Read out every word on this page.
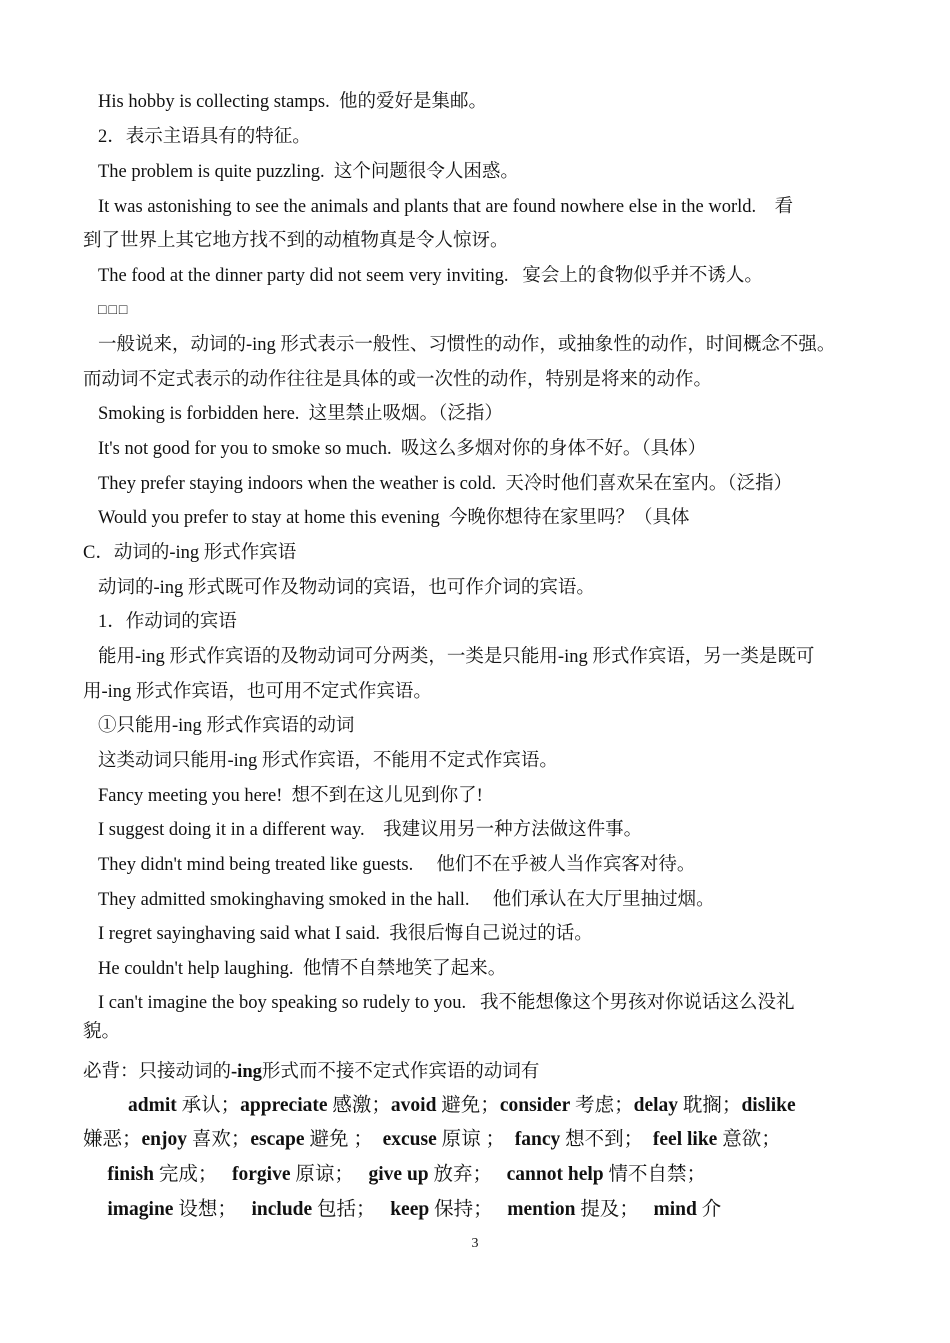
His hobby is collecting stamps.  他的爱好是集邮。
2．表示主语具有的特征。
The problem is quite puzzling.  这个问题很令人困惑。
It was astonishing to see the animals and plants that are found nowhere else in the world.    看
到了世界上其它地方找不到的动植物真是令人惊讶。
The food at the dinner party did not seem very inviting.   宴会上的食物似乎并不诱人。
□□□
一般说来，动词的-ing 形式表示一般性、习惯性的动作，或抽象性的动作，时间概念不强。
而动词不定式表示的动作往往是具体的或一次性的动作，特别是将来的动作。
Smoking is forbidden here.  这里禁止吸烟。（泛指）
It's not good for you to smoke so much.  吸这么多烟对你的身体不好。（具体）
They prefer staying indoors when the weather is cold.  天冷时他们喜欢呆在室内。（泛指）
Would you prefer to stay at home this evening  今晚你想待在家里吗？（具体
C．动词的-ing 形式作宾语
动词的-ing 形式既可作及物动词的宾语，也可作介词的宾语。
1．作动词的宾语
能用-ing 形式作宾语的及物动词可分两类，一类是只能用-ing 形式作宾语，另一类是既可
用-ing 形式作宾语，也可用不定式作宾语。
①只能用-ing 形式作宾语的动词
这类动词只能用-ing 形式作宾语，不能用不定式作宾语。
Fancy meeting you here!  想不到在这儿见到你了!
I suggest doing it in a different way.    我建议用另一种方法做这件事。
They didn't mind being treated like guests.     他们不在乎被人当作宾客对待。
They admitted smokinghaving smoked in the hall.     他们承认在大厅里抽过烟。
I regret sayinghaving said what I said.  我很后悔自己说过的话。
He couldn't help laughing.  他情不自禁地笑了起来。
I can't imagine the boy speaking so rudely to you.   我不能想像这个男孩对你说话这么没礼
貌。
必背：只接动词的-ing形式而不接不定式作宾语的动词有
admit 承认；appreciate 感激；avoid 避免；consider 考虑；delay 耽搁；dislike
嫌恶；enjoy 喜欢；escape 避免 ； excuse 原谅 ； fancy 想不到； feel like 意欲；
finish 完成； forgive 原谅； give up 放弃； cannot help 情不自禁；
imagine 设想； include 包括； keep 保持； mention 提及； mind 介
3
